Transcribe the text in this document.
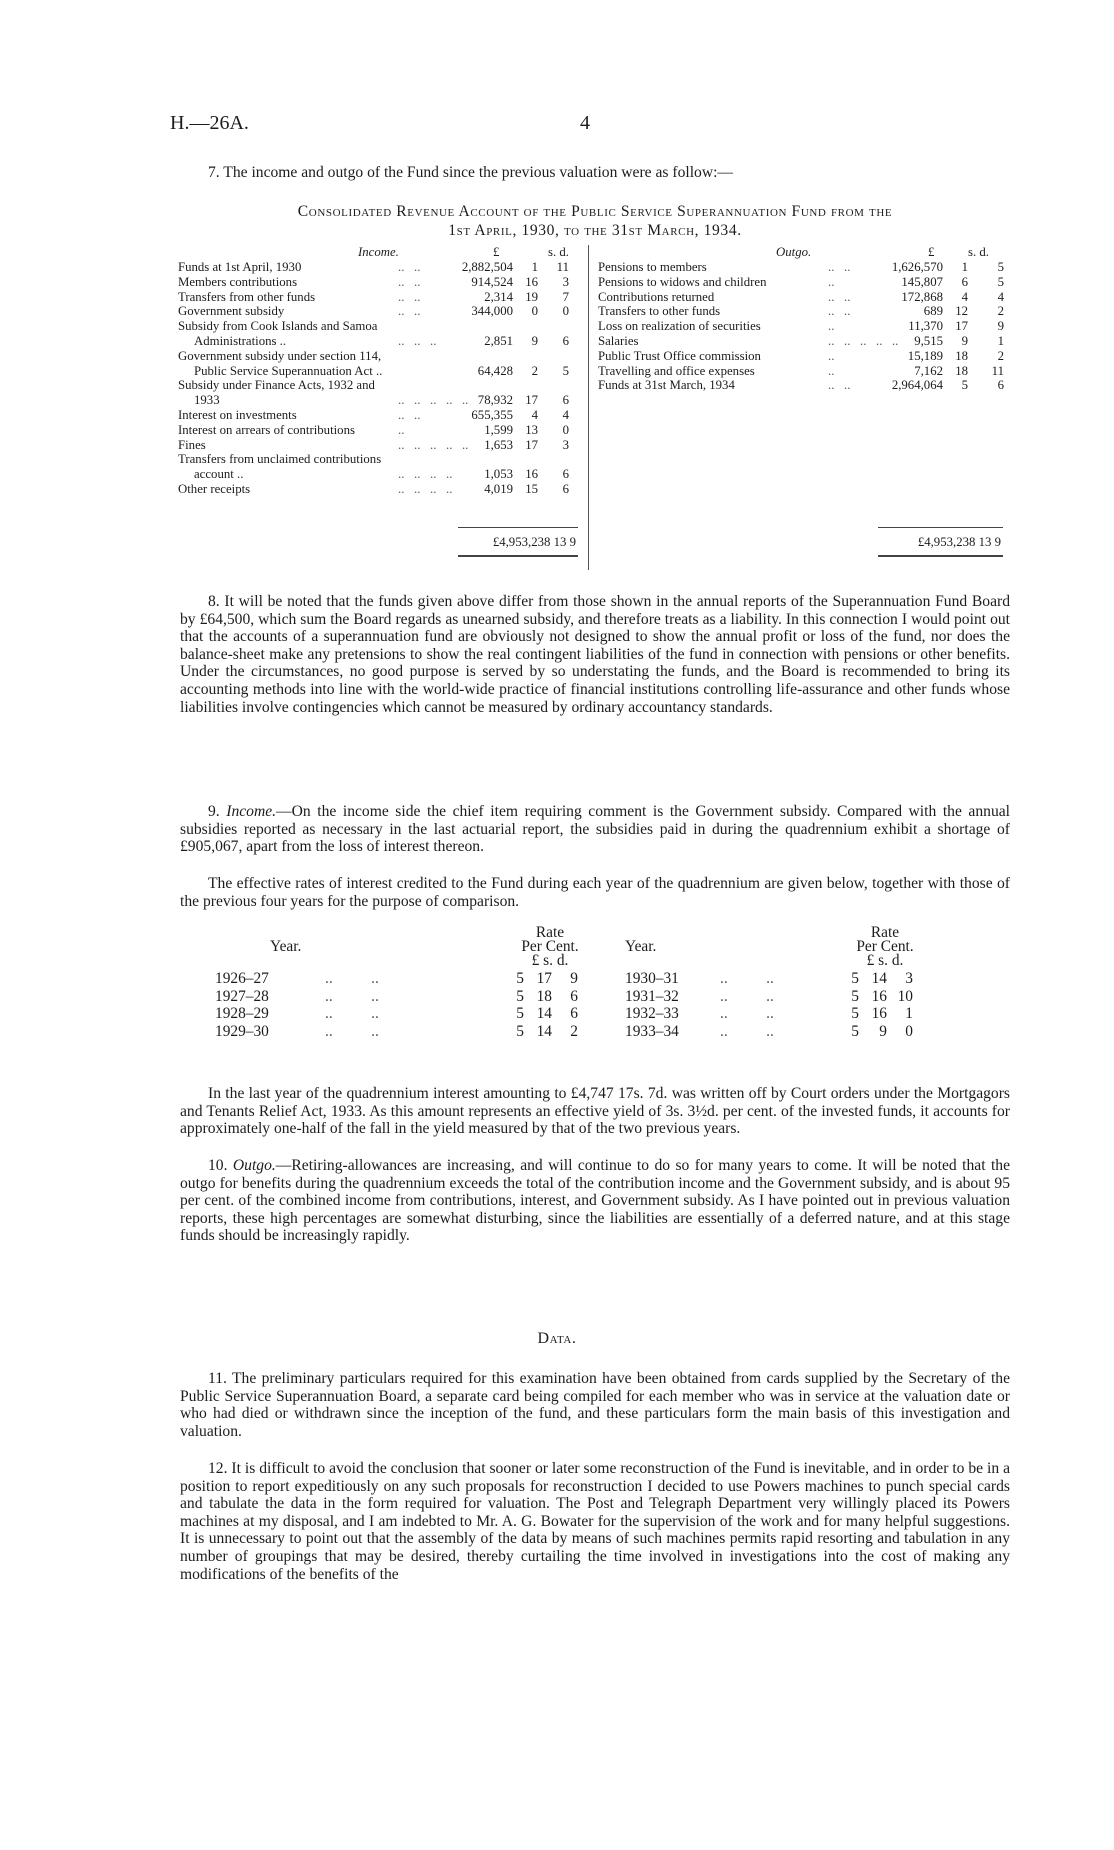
H.—26A.	4

7. The income and outgo of the Fund since the previous valuation were as follow:—

Consolidated Revenue Account of the Public Service Superannuation Fund from the
1st April, 1930, to the 31st March, 1934.
Income.	£	s. d.	Outgo.	£	s. d.
Funds at 1st April, 1930	..   ..	2,882,504	1 11
Members contributions	..   ..	914,524 16	3
Transfers from other funds	..   ..	2,314 19	7
Government subsidy	..   ..	344,000	0	0
Subsidy from Cook Islands and Samoa
Administrations ..	..   ..   ..	2,851	9	6
Government subsidy under section 114,
Public Service Superannuation Act ..	64,428	2	5
Subsidy under Finance Acts, 1932 and
1933	..   ..   ..   ..   .. 78,932 17	6
Interest on investments	..   ..	655,355	4	4
Interest on arrears of contributions	..	1,599 13	0
Fines	..   ..   ..   ..   ..	1,653 17	3
Transfers from unclaimed contributions
account ..	..   ..   ..   ..	1,053 16	6
Other receipts	..   ..   ..   ..	4,019 15	6
Pensions to members	..   ..	1,626,570	1	5
Pensions to widows and children	..	145,807	6	5
Contributions returned	..   ..	172,868	4	4
Transfers to other funds	..   ..	689 12	2
Loss on realization of securities	..	11,370 17	9
Salaries	..   ..   ..   ..   ..	9,515	9	1
Public Trust Office commission	..	15,189 18	2
Travelling and office expenses	..	7,162 18 11
Funds at 31st March, 1934	..   ..	2,964,064	5	6
£4,953,238 13 9	£4,953,238 13 9

8. It will be noted that the funds given above differ from those shown in the annual reports of the Superannuation Fund Board by £64,500, which sum the Board regards as unearned subsidy, and therefore treats as a liability. In this connection I would point out that the accounts of a superannuation fund are obviously not designed to show the annual profit or loss of the fund, nor does the balance-sheet make any pretensions to show the real contingent liabilities of the fund in connection with pensions or other benefits. Under the circumstances, no good purpose is served by so understating the funds, and the Board is recommended to bring its accounting methods into line with the world-wide practice of financial institutions controlling life-assurance and other funds whose liabilities involve contingencies which cannot be measured by ordinary accountancy standards.

9. Income.—On the income side the chief item requiring comment is the Government subsidy. Compared with the annual subsidies reported as necessary in the last actuarial report, the subsidies paid in during the quadrennium exhibit a shortage of £905,067, apart from the loss of interest thereon.

The effective rates of interest credited to the Fund during each year of the quadrennium are given below, together with those of the previous four years for the purpose of comparison.

Year.
Rate
Per Cent.
£ s. d.
Year.
Rate
Per Cent.
£ s. d.
1926–27	..          ..	5 17	9
1927–28	..          ..	5 18	6
1928–29	..          ..	5 14	6
1929–30	..          ..	5 14	2
1930–31	..          ..	5 14	3
1931–32	..          ..	5 16 10
1932–33	..          ..	5 16	1
1933–34	..          ..	5	9	0

In the last year of the quadrennium interest amounting to £4,747 17s. 7d. was written off by Court orders under the Mortgagors and Tenants Relief Act, 1933. As this amount represents an effective yield of 3s. 3½d. per cent. of the invested funds, it accounts for approximately one-half of the fall in the yield measured by that of the two previous years.

10. Outgo.—Retiring-allowances are increasing, and will continue to do so for many years to come. It will be noted that the outgo for benefits during the quadrennium exceeds the total of the contribution income and the Government subsidy, and is about 95 per cent. of the combined income from contributions, interest, and Government subsidy. As I have pointed out in previous valuation reports, these high percentages are somewhat disturbing, since the liabilities are essentially of a deferred nature, and at this stage funds should be increasingly rapidly.

Data.

11. The preliminary particulars required for this examination have been obtained from cards supplied by the Secretary of the Public Service Superannuation Board, a separate card being compiled for each member who was in service at the valuation date or who had died or withdrawn since the inception of the fund, and these particulars form the main basis of this investigation and valuation.

12. It is difficult to avoid the conclusion that sooner or later some reconstruction of the Fund is inevitable, and in order to be in a position to report expeditiously on any such proposals for reconstruction I decided to use Powers machines to punch special cards and tabulate the data in the form required for valuation. The Post and Telegraph Department very willingly placed its Powers machines at my disposal, and I am indebted to Mr. A. G. Bowater for the supervision of the work and for many helpful suggestions. It is unnecessary to point out that the assembly of the data by means of such machines permits rapid resorting and tabulation in any number of groupings that may be desired, thereby curtailing the time involved in investigations into the cost of making any modifications of the benefits of the
